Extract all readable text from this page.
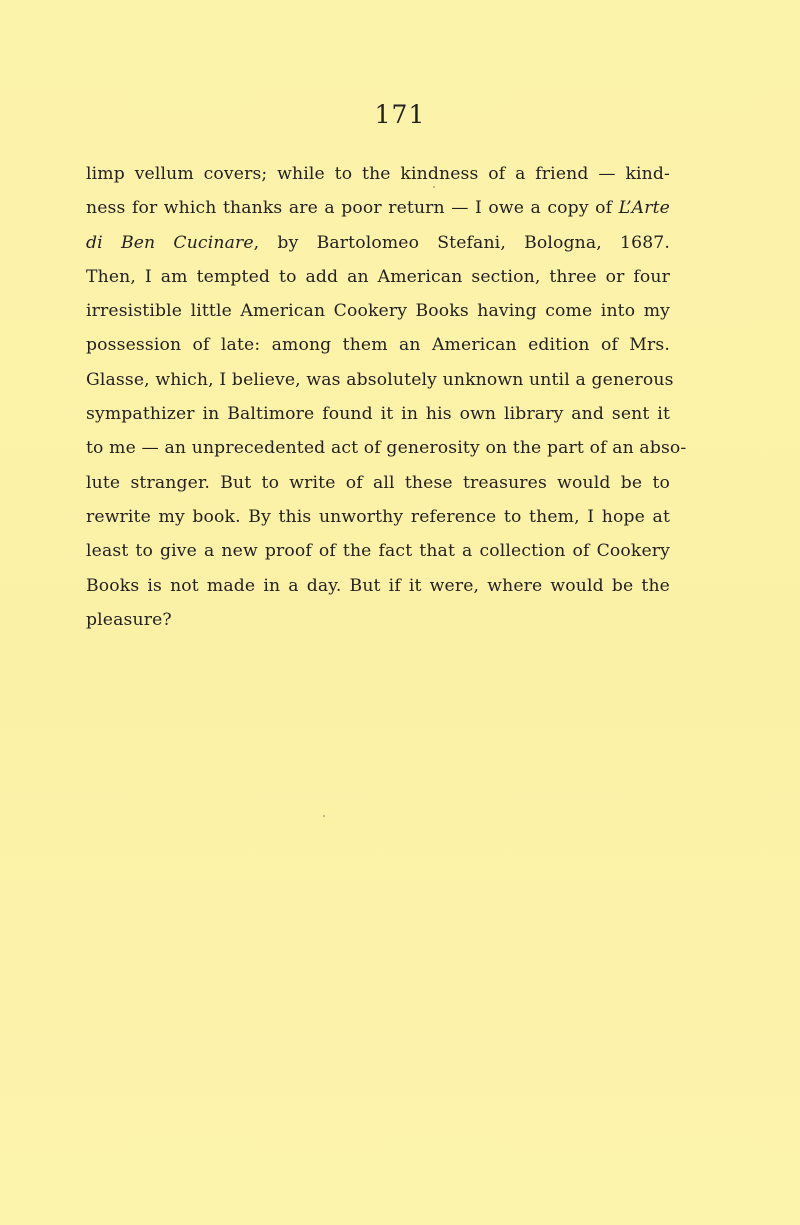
171
limp vellum covers; while to the kindness of a friend — kind-
ness for which thanks are a poor return — I owe a copy of L’Arte
di Ben Cucinare, by Bartolomeo Stefani, Bologna, 1687.
Then, I am tempted to add an American section, three or four
irresistible little American Cookery Books having come into my
possession of late: among them an American edition of Mrs.
Glasse, which, I believe, was absolutely unknown until a generous
sympathizer in Baltimore found it in his own library and sent it
to me — an unprecedented act of generosity on the part of an abso-
lute stranger. But to write of all these treasures would be to
rewrite my book. By this unworthy reference to them, I hope at
least to give a new proof of the fact that a collection of Cookery
Books is not made in a day. But if it were, where would be the
pleasure?
